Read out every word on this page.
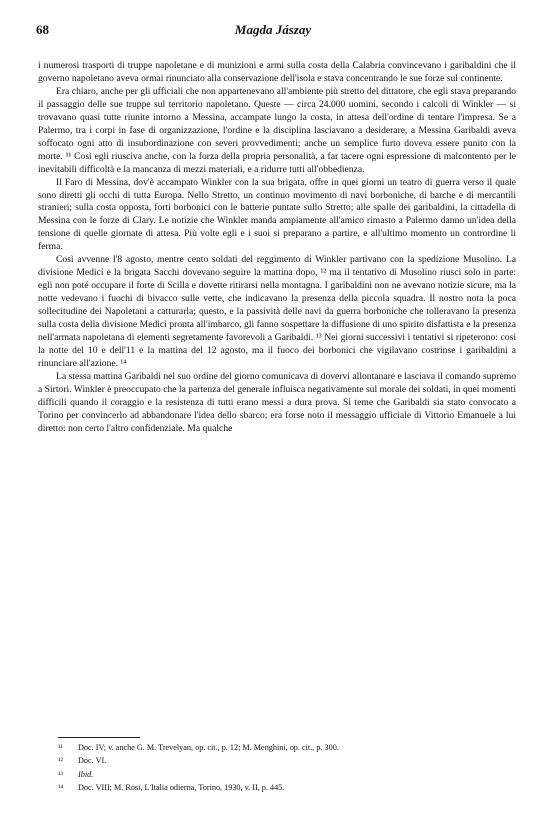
68	Magda Jászay

i numerosi trasporti di truppe napoletane e di munizioni e armi sulla costa della Calabria convincevano i garibaldini che il governo napoletano aveva ormai rinunciato alla conservazione dell'isola e stava concentrando le sue forze sul continente.

Era chiaro, anche per gli ufficiali che non appartenevano all'ambiente più stretto del dittatore, che egli stava preparando il passaggio delle sue truppe sul territorio napoletano. Queste — circa 24.000 uomini, secondo i calcoli di Winkler — si trovavano quasi tutte riunite intorno a Messina, accampate lungo la costa, in attesa dell'ordine di tentare l'impresa. Se a Palermo, tra i corpi in fase di organizzazione, l'ordine e la disciplina lasciavano a desiderare, a Messina Garibaldi aveva soffocato ogni atto di insubordinazione con severi provvedimenti; anche un semplice furto doveva essere punito con la morte. ¹¹ Così egli riusciva anche, con la forza della propria personalità, a far tacere ogni espressione di malcontento per le inevitabili difficoltà e la mancanza di mezzi materiali, e a ridurre tutti all'obbedienza.

Il Faro di Messina, dov'è accampato Winkler con la sua brigata, offre in quei giorni un teatro di guerra verso il quale sono diretti gli occhi di tutta Europa. Nello Stretto, un continuo movimento di navi borboniche, di barche e di mercantili stranieri; sulla costa opposta, forti borbonici con le batterie puntate sullo Stretto; alle spalle dei garibaldini, la cittadella di Messina con le forze di Clary. Le notizie che Winkler manda ampiamente all'amico rimasto a Palermo danno un'idea della tensione di quelle giornate di attesa. Più volte egli e i suoi si preparano a partire, e all'ultimo momento un contrordine li ferma.

Così avvenne l'8 agosto, mentre cento soldati del reggimento di Winkler partivano con la spedizione Musolino. La divisione Medici e la brigata Sacchi dovevano seguire la mattina dopo, ¹² ma il tentativo di Musolino riuscì solo in parte: egli non poté occupare il forte di Scilla e dovette ritirarsi nella montagna. I garibaldini non ne avevano notizie sicure, ma la notte vedevano i fuochi di bivacco sulle vette, che indicavano la presenza della piccola squadra. Il nostro nota la poca sollecitudine dei Napoletani a catturarla; questo, e la passività delle navi da guerra borboniche che tolleravano la presenza sulla costa della divisione Medici pronta all'imbarco, gli fanno sospettare la diffusione di uno spirito disfattista e la presenza nell'armata napoletana di elementi segretamente favorevoli a Garibaldi. ¹³ Nei giorni successivi i tentativi si ripeterono: così la notte del 10 e dell'11 e la mattina del 12 agosto, ma il fuoco dei borbonici che vigilavano costrinse i garibaldini a rinunciare all'azione. ¹⁴

La stessa mattina Garibaldi nel suo ordine del giorno comunicava di dovervi allontanare e lasciava il comando supremo a Sirtori. Winkler è preoccupato che la partenza del generale influisca negativamente sul morale dei soldati, in quei momenti difficili quando il coraggio e la resistenza di tutti erano messi a dura prova. Si teme che Garibaldi sia stato convocato a Torino per convincerlo ad abbandonare l'idea dello sbarco; era forse noto il messaggio ufficiale di Vittorio Emanuele a lui diretto: non certo l'altro confidenziale. Ma qualche

¹¹ Doc. IV; v. anche G. M. Trevelyan, op. cit., p. 12; M. Menghini, op. cit., p. 300.
¹² Doc. VI.
¹³ Ibid.
¹⁴ Doc. VIII; M. Rosi, L'Italia odierna, Torino, 1930, v. II, p. 445.
